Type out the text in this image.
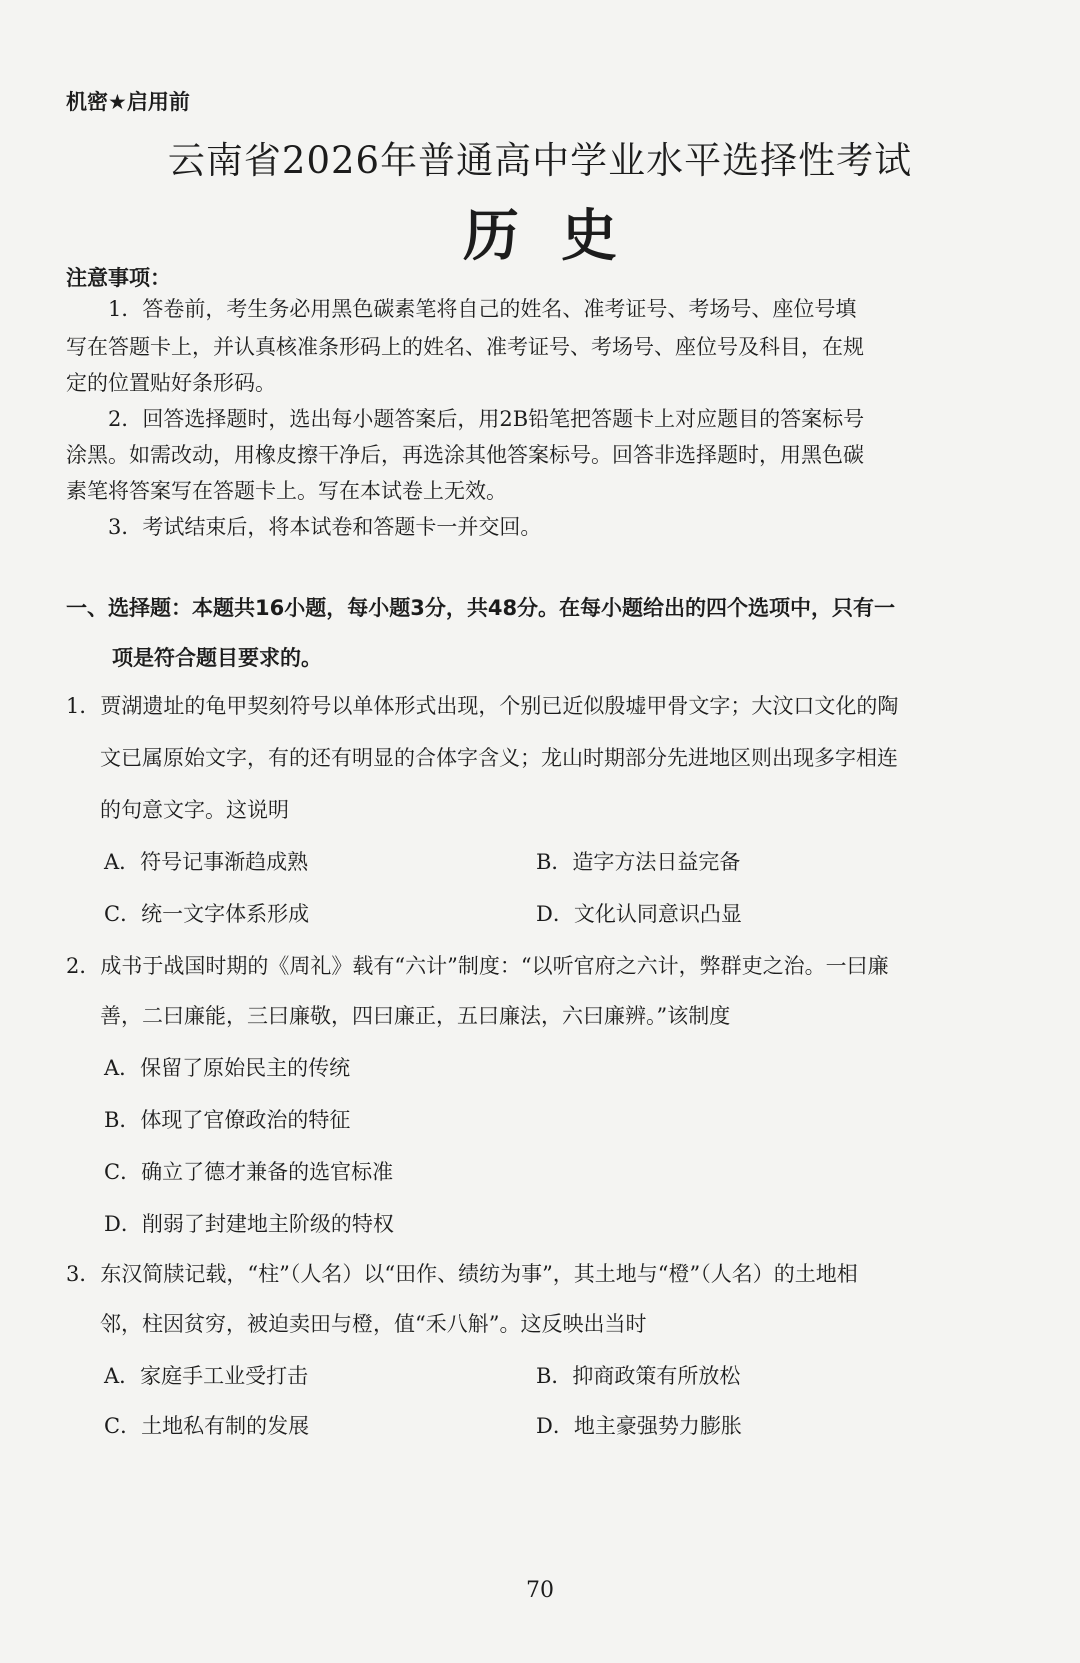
机密★启用前
云南省2026年普通高中学业水平选择性考试
历史
注意事项：
1．答卷前，考生务必用黑色碳素笔将自己的姓名、准考证号、考场号、座位号填
写在答题卡上，并认真核准条形码上的姓名、准考证号、考场号、座位号及科目，在规
定的位置贴好条形码。
2．回答选择题时，选出每小题答案后，用2B铅笔把答题卡上对应题目的答案标号
涂黑。如需改动，用橡皮擦干净后，再选涂其他答案标号。回答非选择题时，用黑色碳
素笔将答案写在答题卡上。写在本试卷上无效。
3．考试结束后，将本试卷和答题卡一并交回。
一、选择题：本题共16小题，每小题3分，共48分。在每小题给出的四个选项中，只有一
项是符合题目要求的。
1．贾湖遗址的龟甲契刻符号以单体形式出现，个别已近似殷墟甲骨文字；大汶口文化的陶
文已属原始文字，有的还有明显的合体字含义；龙山时期部分先进地区则出现多字相连
的句意文字。这说明
A．符号记事渐趋成熟	B．造字方法日益完备
C．统一文字体系形成	D．文化认同意识凸显
2．成书于战国时期的《周礼》载有“六计”制度：“以听官府之六计，弊群吏之治。一曰廉
善，二曰廉能，三曰廉敬，四曰廉正，五曰廉法，六曰廉辨。”该制度
A．保留了原始民主的传统
B．体现了官僚政治的特征
C．确立了德才兼备的选官标准
D．削弱了封建地主阶级的特权
3．东汉简牍记载，“柱”（人名）以“田作、绩纺为事”，其土地与“橙”（人名）的土地相
邻，柱因贫穷，被迫卖田与橙，值“禾八斛”。这反映出当时
A．家庭手工业受打击	B．抑商政策有所放松
C．土地私有制的发展	D．地主豪强势力膨胀
70
